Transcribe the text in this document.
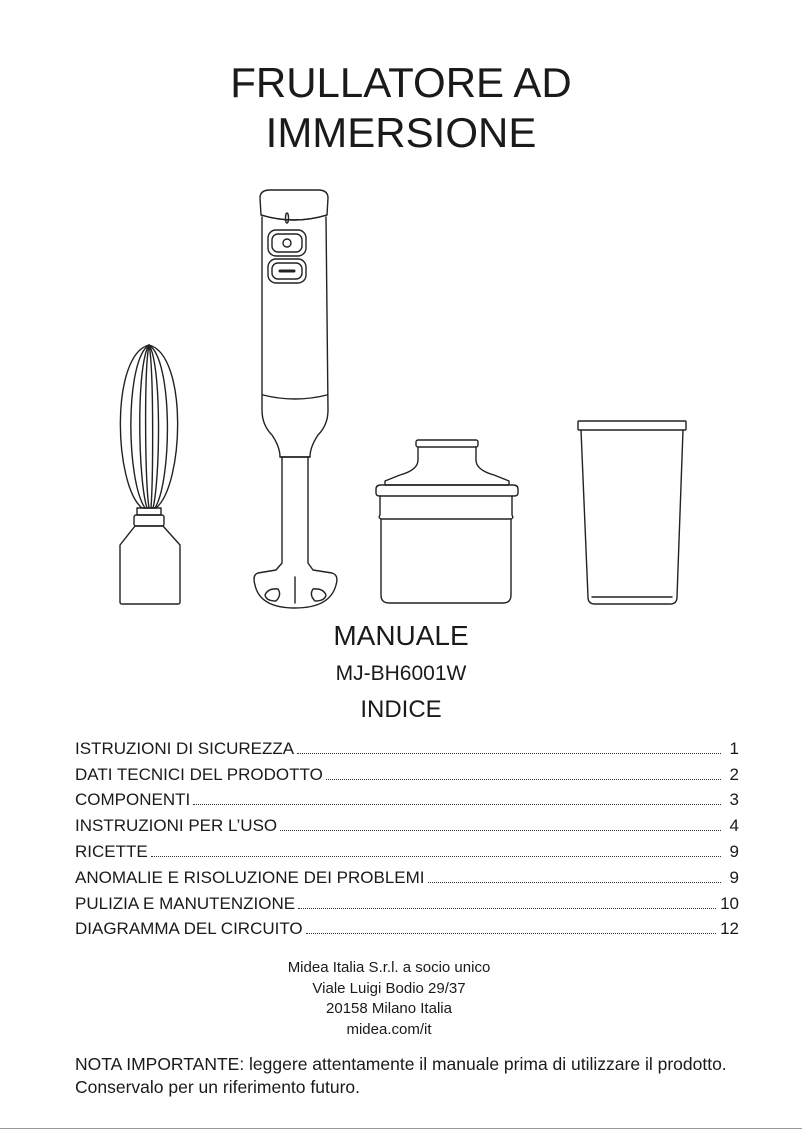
FRULLATORE AD
IMMERSIONE
MANUALE
MJ-BH6001W
INDICE
ISTRUZIONI DI SICUREZZA	1
DATI TECNICI DEL PRODOTTO	2
COMPONENTI	3
INSTRUZIONI PER L’USO	4
RICETTE	9
ANOMALIE E RISOLUZIONE DEI PROBLEMI	9
PULIZIA E MANUTENZIONE	10
DIAGRAMMA DEL CIRCUITO	12
Midea Italia S.r.l. a socio unico
Viale Luigi Bodio 29/37
20158 Milano Italia
midea.com/it

NOTA IMPORTANTE: leggere attentamente il manuale prima di utilizzare il prodotto. Conservalo per un riferimento futuro.
